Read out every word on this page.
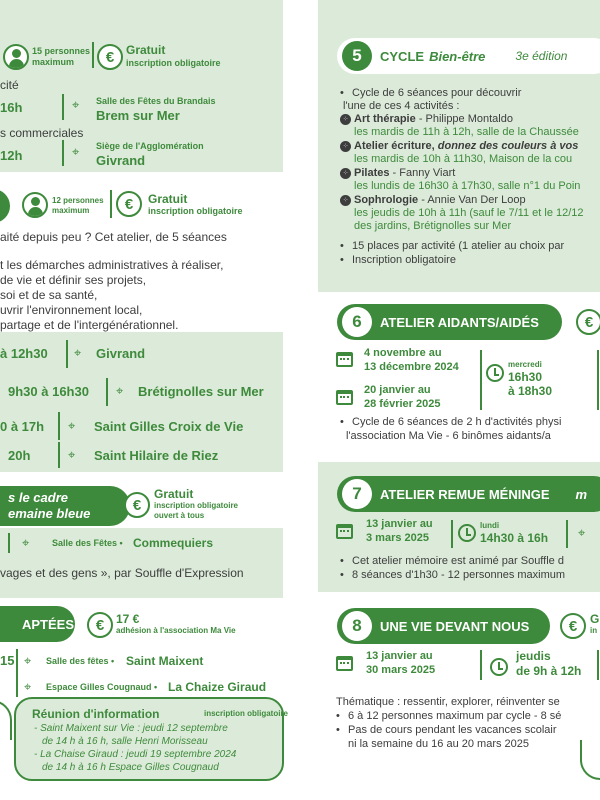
15 personnes
maximum	€ Gratuit
inscription obligatoire
cité
16h	⌖ Salle des Fêtes du Brandais
Brem sur Mer
s commerciales
12h	⌖ Siège de l'Agglomération
Givrand
12 personnes
maximum	€	Gratuit
inscription obligatoire
aité depuis peu ? Cet atelier, de 5 séances
t les démarches administratives à réaliser,
de vie et définir ses projets,
soi et de sa santé,
uvrir l'environnement local,
partage et de l'intergénérationnel.
à 12h30 ⌖ Givrand
9h30 à 16h30 ⌖ Brétignolles sur Mer
0 à 17h ⌖ Saint Gilles Croix de Vie
20h	⌖ Saint Hilaire de Riez
s le cadre
emaine bleue	€
Gratuit
inscription obligatoire
ouvert à tous
⌖	Salle des Fêtes • Commequiers
vages et des gens », par Souffle d'Expression
APTÉES	€ 17 €
adhésion à l'association Ma Vie
15 ⌖ Salle des fêtes • Saint Maixent
⌖ Espace Gilles Cougnaud • La Chaize Giraud
Réunion d'information	inscription obligatoire
- Saint Maixent sur Vie : jeudi 12 septembre
de 14 h à 16 h, salle Henri Morisseau
- La Chaise Giraud : jeudi 19 septembre 2024
de 14 h à 16 h Espace Gilles Cougnaud
5	CYCLE Bien-être	3e édition
• Cycle de 6 séances pour découvrir
l'une de ces 4 activités :
⁘ Art thérapie - Philippe Montaldo
les mardis de 11h à 12h, salle de la Chaussée
⁘ Atelier écriture, donnez des couleurs à vos
les mardis de 10h à 11h30, Maison de la cou
⁘ Pilates - Fanny Viart
les lundis de 16h30 à 17h30, salle n°1 du Poin
⁘ Sophrologie - Annie Van Der Loop
les jeudis de 10h à 11h (sauf le 7/11 et le 12/12
des jardins, Brétignolles sur Mer
• 15 places par activité (1 atelier au choix par
• Inscription obligatoire
6	ATELIER AIDANTS/AIDÉS	€
4 novembre au
13 décembre 2024
20 janvier au
28 février 2025
mercredi
16h30
à 18h30
• Cycle de 6 séances de 2 h d'activités physi
l'association Ma Vie - 6 binômes aidants/a
7	ATELIER REMUE MÉNINGE m
13 janvier au
3 mars 2025
lundi
14h30 à 16h ⌖
• Cet atelier mémoire est animé par Souffle d
• 8 séances d'1h30 - 12 personnes maximum
8	UNE VIE DEVANT NOUS	€	G
in
13 janvier au
30 mars 2025
jeudis
de 9h à 12h
Thématique : ressentir, explorer, réinventer se
• 6 à 12 personnes maximum par cycle - 8 sé
• Pas de cours pendant les vacances scolair
ni la semaine du 16 au 20 mars 2025
